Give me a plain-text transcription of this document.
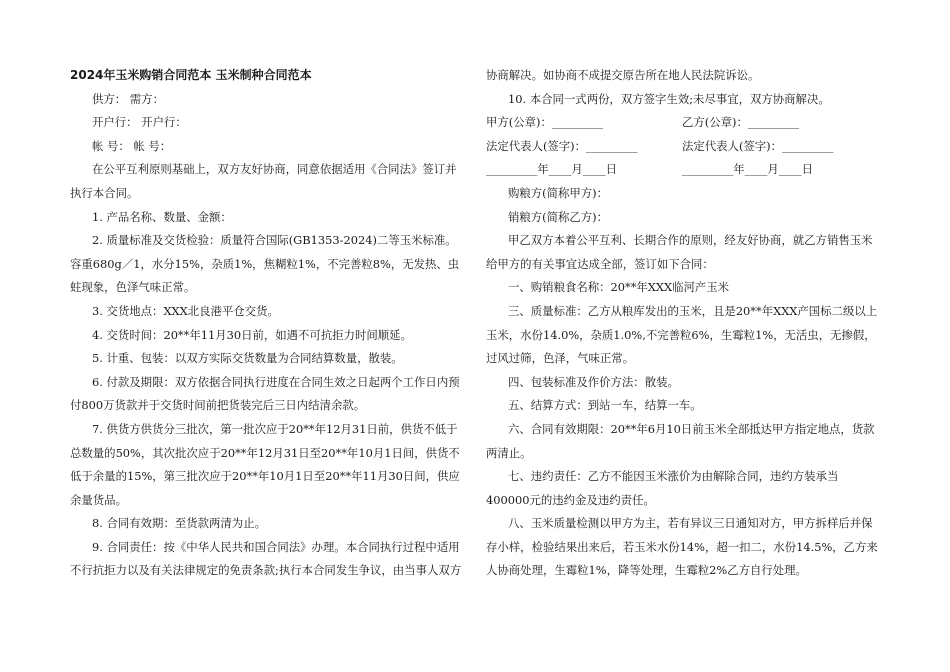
2024年玉米购销合同范本 玉米制种合同范本

供方： 需方：

开户行： 开户行：

帐 号： 帐 号：

在公平互利原则基础上，双方友好协商，同意依据适用《合同法》签订并执行本合同。

1. 产品名称、数量、金额：

2. 质量标准及交货检验：质量符合国际(GB1353-2024)二等玉米标准。容重680g／1，水分15%，杂质1%，焦糊粒1%，不完善粒8%，无发热、虫蛀现象，色泽气味正常。

3. 交货地点：XXX北良港平仓交货。

4. 交货时间：20**年11月30日前，如遇不可抗拒力时间顺延。

5. 计重、包装：以双方实际交货数量为合同结算数量，散装。

6. 付款及期限：双方依据合同执行进度在合同生效之日起两个工作日内预付800万货款并于交货时间前把货装完后三日内结清余款。

7. 供货方供货分三批次，第一批次应于20**年12月31日前，供货不低于总数量的50%，其次批次应于20**年12月31日至20**年10月1日间，供货不低于余量的15%，第三批次应于20**年10月1日至20**年11月30日间，供应余量货品。

8. 合同有效期：至货款两清为止。

9. 合同责任：按《中华人民共和国合同法》办理。本合同执行过程中适用不行抗拒力以及有关法律规定的免责条款;执行本合同发生争议，由当事人双方

协商解决。如协商不成提交原告所在地人民法院诉讼。

10. 本合同一式两份，双方签字生效;未尽事宜，双方协商解决。

甲方(公章)：_________	乙方(公章)：_________
法定代表人(签字)：_________	法定代表人(签字)：_________
_________年____月____日	_________年____月____日

购粮方(简称甲方)：

销粮方(简称乙方)：

甲乙双方本着公平互利、长期合作的原则，经友好协商，就乙方销售玉米给甲方的有关事宜达成全部，签订如下合同：

一、购销粮食名称：20**年XXX临河产玉米

三、质量标准：乙方从粮库发出的玉米，且是20**年XXX产国标二级以上玉米，水份14.0%，杂质1.0%,不完善粒6%，生霉粒1%，无活虫，无掺假，过风过筛，色泽，气味正常。

四、包装标准及作价方法：散装。

五、结算方式：到站一车，结算一车。

六、合同有效期限：20**年6月10日前玉米全部抵达甲方指定地点，货款两清止。

七、违约责任：乙方不能因玉米涨价为由解除合同，违约方装承当400000元的违约金及违约责任。

八、玉米质量检测以甲方为主，若有异议三日通知对方，甲方拆样后并保存小样，检验结果出来后，若玉米水份14%，超一扣二，水份14.5%，乙方来人协商处理，生霉粒1%，降等处理，生霉粒2%乙方自行处理。
